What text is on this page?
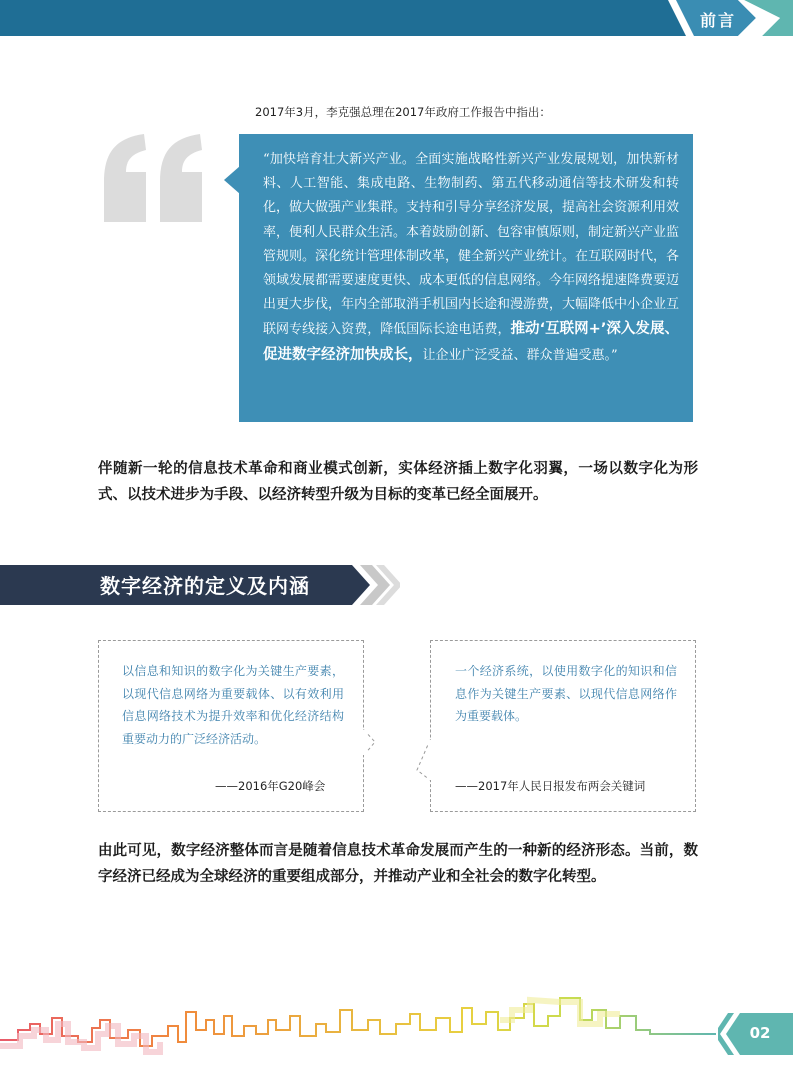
前言
2017年3月，李克强总理在2017年政府工作报告中指出：
“加快培育壮大新兴产业。全面实施战略性新兴产业发展规划，加快新材料、人工智能、集成电路、生物制药、第五代移动通信等技术研发和转化，做大做强产业集群。支持和引导分享经济发展，提高社会资源利用效率，便利人民群众生活。本着鼓励创新、包容审慎原则，制定新兴产业监管规则。深化统计管理体制改革，健全新兴产业统计。在互联网时代，各领域发展都需要速度更快、成本更低的信息网络。今年网络提速降费要迈出更大步伐，年内全部取消手机国内长途和漫游费，大幅降低中小企业互联网专线接入资费，降低国际长途电话费，推动‘互联网+’深入发展、促进数字经济加快成长，让企业广泛受益、群众普遍受惠。”
伴随新一轮的信息技术革命和商业模式创新，实体经济插上数字化羽翼，一场以数字化为形式、以技术进步为手段、以经济转型升级为目标的变革已经全面展开。
数字经济的定义及内涵
以信息和知识的数字化为关键生产要素，以现代信息网络为重要载体、以有效利用信息网络技术为提升效率和优化经济结构重要动力的广泛经济活动。
——2016年G20峰会
一个经济系统，以使用数字化的知识和信息作为关键生产要素、以现代信息网络作为重要载体。
——2017年人民日报发布两会关键词
由此可见，数字经济整体而言是随着信息技术革命发展而产生的一种新的经济形态。当前，数字经济已经成为全球经济的重要组成部分，并推动产业和全社会的数字化转型。
02
